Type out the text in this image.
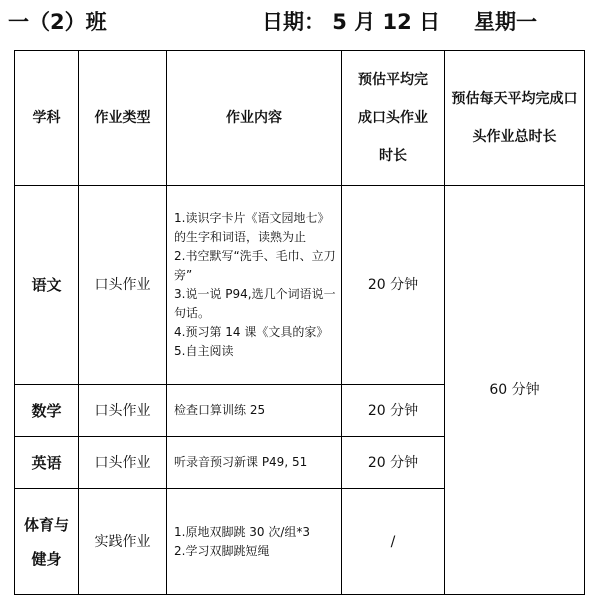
一（2）班	日期： 5 月 12 日 星期一
学科	作业类型	作业内容	预估平均完成口头作业时长	预估每天平均完成口头作业总时长

语文	口头作业	1.读识字卡片《语文园地七》的生字和词语，读熟为止
2.书空默写“洗手、毛巾、立刀旁”
3.说一说 P94,选几个词语说一句话。
4.预习第 14 课《文具的家》
5.自主阅读	20 分钟	60 分钟
数学	口头作业	检查口算训练 25	20 分钟	
英语	口头作业	听录音预习新课 P49, 51	20 分钟	
体育与健身	实践作业	1.原地双脚跳 30 次/组*3
2.学习双脚跳短绳	/	
